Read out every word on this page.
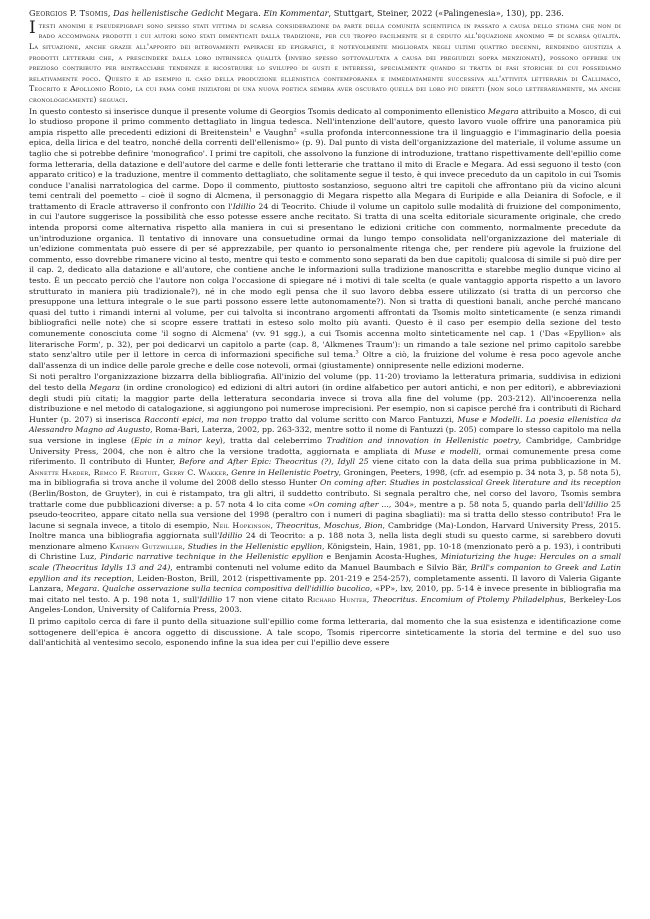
Georgios P. Tsomis, Das hellenistische Gedicht Megara. Ein Kommentar, Stuttgart, Steiner, 2022 («Palingenesia», 130), pp. 236.

I testi anonimi e pseudepigrafi sono spesso stati vittima di scarsa considerazione da parte della comunità scientifica in passato a causa dello stigma che non di rado accompagna prodotti i cui autori sono stati dimenticati dalla tradizione, per cui troppo facilmente si è ceduto all'equazione anonimo = di scarsa qualità. La situazione, anche grazie all'apporto dei ritrovamenti papiracei ed epigrafici, è notevolmente migliorata negli ultimi quattro decenni, rendendo giustizia a prodotti letterari che, a prescindere dalla loro intrinseca qualità (invero spesso sottovalutata a causa dei pregiudizi sopra menzionati), possono offrire un prezioso contributo per rintracciare tendenze e ricostruire lo sviluppo di gusti e interessi, specialmente quando si tratta di fasi storiche di cui possediamo relativamente poco. Questo è ad esempio il caso della produzione ellenistica contemporanea e immediatamente successiva all'attività letteraria di Callimaco, Teocrito e Apollonio Rodio, la cui fama come iniziatori di una nuova poetica sembra aver oscurato quella dei loro più diretti (non solo letterariamente, ma anche cronologicamente) seguaci.

In questo contesto si inserisce dunque il presente volume di Georgios Tsomis dedicato al componimento ellenistico Megara attribuito a Mosco, di cui lo studioso propone il primo commento dettagliato in lingua tedesca. Nell'intenzione dell'autore, questo lavoro vuole offrire una panoramica più ampia rispetto alle precedenti edizioni di Breitenstein$^1$ e Vaughn$^2$ «sulla profonda interconnessione tra il linguaggio e l'immaginario della poesia epica, della lirica e del teatro, nonché della correnti dell'ellenismo» (p. 9). Dal punto di vista dell'organizzazione del materiale, il volume assume un taglio che si potrebbe definire 'monografico'. I primi tre capitoli, che assolvono la funzione di introduzione, trattano rispettivamente dell'epillio come forma letteraria, della datazione e dell'autore del carme e delle fonti letterarie che trattano il mito di Eracle e Megara. Ad essi seguono il testo (con apparato critico) e la traduzione, mentre il commento dettagliato, che solitamente segue il testo, è qui invece preceduto da un capitolo in cui Tsomis conduce l'analisi narratologica del carme. Dopo il commento, piuttosto sostanzioso, seguono altri tre capitoli che affrontano più da vicino alcuni temi centrali del poemetto – cioè il sogno di Alcmena, il personaggio di Megara rispetto alla Megara di Euripide e alla Deianira di Sofocle, e il trattamento di Eracle attraverso il confronto con l'Idillio 24 di Teocrito. Chiude il volume un capitolo sulle modalità di fruizione del componimento, in cui l'autore suggerisce la possibilità che esso potesse essere anche recitato. Si tratta di una scelta editoriale sicuramente originale, che credo intenda proporsi come alternativa rispetto alla maniera in cui si presentano le edizioni critiche con commento, normalmente precedute da un'introduzione organica. Il tentativo di innovare una consuetudine ormai da lungo tempo consolidata nell'organizzazione del materiale di un'edizione commentata può essere di per sé apprezzabile, per quanto io personalmente ritenga che, per rendere più agevole la fruizione del commento, esso dovrebbe rimanere vicino al testo, mentre qui testo e commento sono separati da ben due capitoli; qualcosa di simile si può dire per il cap. 2, dedicato alla datazione e all'autore, che contiene anche le informazioni sulla tradizione manoscritta e starebbe meglio dunque vicino al testo. È un peccato perciò che l'autore non colga l'occasione di spiegare né i motivi di tale scelta (e quale vantaggio apporta rispetto a un lavoro strutturato in maniera più tradizionale?), né in che modo egli pensa che il suo lavoro debba essere utilizzato (si tratta di un percorso che presuppone una lettura integrale o le sue parti possono essere lette autonomamente?). Non si tratta di questioni banali, anche perché mancano quasi del tutto i rimandi interni al volume, per cui talvolta si incontrano argomenti affrontati da Tsomis molto sinteticamente (e senza rimandi bibliografici nelle note) che si scopre essere trattati in esteso solo molto più avanti. Questo è il caso per esempio della sezione del testo comunemente conosciuta come 'il sogno di Alcmena' (vv. 91 sgg.), a cui Tsomis accenna molto sinteticamente nel cap. 1 ('Das «Epyllion» als literarische Form', p. 32), per poi dedicarvi un capitolo a parte (cap. 8, 'Alkmenes Traum'): un rimando a tale sezione nel primo capitolo sarebbe stato senz'altro utile per il lettore in cerca di informazioni specifiche sul tema.$^3$ Oltre a ciò, la fruizione del volume è resa poco agevole anche dall'assenza di un indice delle parole greche e delle cose notevoli, ormai (giustamente) onnipresente nelle edizioni moderne.

Si noti peraltro l'organizzazione bizzarra della bibliografia. All'inizio del volume (pp. 11-20) troviamo la letteratura primaria, suddivisa in edizioni del testo della Megara (in ordine cronologico) ed edizioni di altri autori (in ordine alfabetico per autori antichi, e non per editori), e abbreviazioni degli studi più citati; la maggior parte della letteratura secondaria invece si trova alla fine del volume (pp. 203-212). All'incoerenza nella distribuzione e nel metodo di catalogazione, si aggiungono poi numerose imprecisioni. Per esempio, non si capisce perché fra i contributi di Richard Hunter (p. 207) si inserisca Racconti epici, ma non troppo tratto dal volume scritto con Marco Fantuzzi, Muse e Modelli. La poesia ellenistica da Alessandro Magno ad Augusto, Roma-Bari, Laterza, 2002, pp. 263-332, mentre sotto il nome di Fantuzzi (p. 205) compare lo stesso capitolo ma nella sua versione in inglese (Epic in a minor key), tratta dal celeberrimo Tradition and innovation in Hellenistic poetry, Cambridge, Cambridge University Press, 2004, che non è altro che la versione tradotta, aggiornata e ampliata di Muse e modelli, ormai comunemente presa come riferimento. Il contributo di Hunter, Before and After Epic: Theocritus (?), Idyll 25 viene citato con la data della sua prima pubblicazione in M. Annette Harder, Remco F. Regtuit, Gerry C. Wakker, Genre in Hellenistic Poetry, Groningen, Peeters, 1998, (cfr. ad esempio p. 34 nota 3, p. 58 nota 5), ma in bibliografia si trova anche il volume del 2008 dello stesso Hunter On coming after. Studies in postclassical Greek literature and its reception (Berlin/Boston, de Gruyter), in cui è ristampato, tra gli altri, il suddetto contributo. Si segnala peraltro che, nel corso del lavoro, Tsomis sembra trattarle come due pubblicazioni diverse: a p. 57 nota 4 lo cita come «On coming after ..., 304», mentre a p. 58 nota 5, quando parla dell'Idillio 25 pseudo-teocriteo, appare citato nella sua versione del 1998 (peraltro con i numeri di pagina sbagliati): ma si tratta dello stesso contributo! Fra le lacune si segnala invece, a titolo di esempio, Neil Hopkinson, Theocritus, Moschus, Bion, Cambridge (Ma)-London, Harvard University Press, 2015. Inoltre manca una bibliografia aggiornata sull'Idillio 24 di Teocrito: a p. 188 nota 3, nella lista degli studi su questo carme, si sarebbero dovuti menzionare almeno Kathryn Gutzwiller, Studies in the Hellenistic epyllion, Königstein, Hain, 1981, pp. 10-18 (menzionato però a p. 193), i contributi di Christine Luz, Pindaric narrative technique in the Hellenistic epyllion e Benjamin Acosta-Hughes, Miniaturizing the huge: Hercules on a small scale (Theocritus Idylls 13 and 24), entrambi contenuti nel volume edito da Manuel Baumbach e Silvio Bär, Brill's companion to Greek and Latin epyllion and its reception, Leiden-Boston, Brill, 2012 (rispettivamente pp. 201-219 e 254-257), completamente assenti. Il lavoro di Valeria Gigante Lanzara, Megara. Qualche osservazione sulla tecnica compositiva dell'idillio bucolico, «PP», lxv, 2010, pp. 5-14 è invece presente in bibliografia ma mai citato nel testo. A p. 198 nota 1, sull'Idillio 17 non viene citato Richard Hunter, Theocritus. Encomium of Ptolemy Philadelphus, Berkeley-Los Angeles-London, University of California Press, 2003.

Il primo capitolo cerca di fare il punto della situazione sull'epillio come forma letteraria, dal momento che la sua esistenza e identificazione come sottogenere dell'epica è ancora oggetto di discussione. A tale scopo, Tsomis ripercorre sinteticamente la storia del termine e del suo uso dall'antichità al ventesimo secolo, esponendo infine la sua idea per cui l'epillio deve essere
